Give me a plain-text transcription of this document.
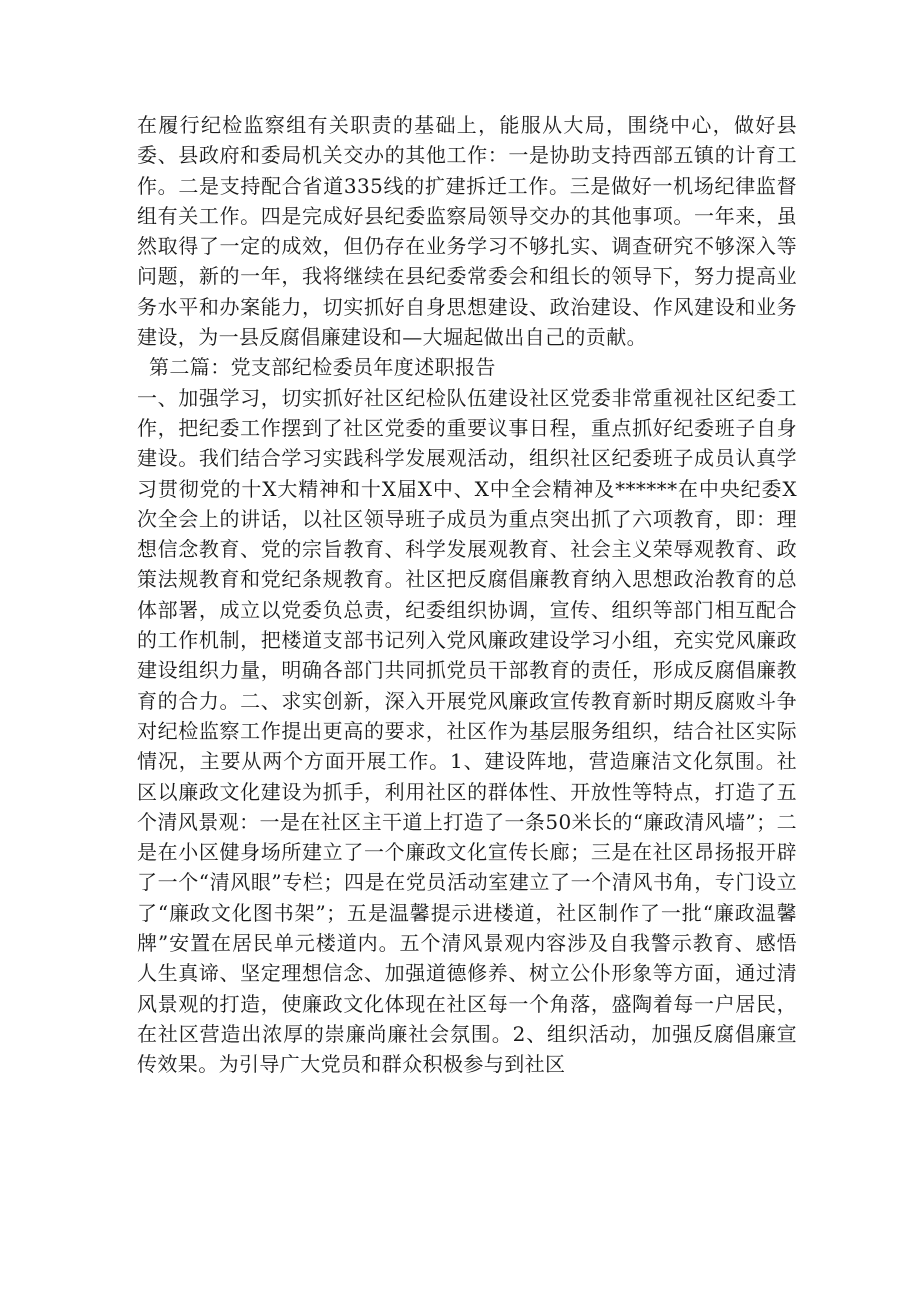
在履行纪检监察组有关职责的基础上，能服从大局，围绕中心，做好县委、县政府和委局机关交办的其他工作：一是协助支持西部五镇的计育工作。二是支持配合省道335线的扩建拆迁工作。三是做好一机场纪律监督组有关工作。四是完成好县纪委监察局领导交办的其他事项。一年来，虽然取得了一定的成效，但仍存在业务学习不够扎实、调查研究不够深入等问题，新的一年，我将继续在县纪委常委会和组长的领导下，努力提高业务水平和办案能力，切实抓好自身思想建设、政治建设、作风建设和业务建设，为一县反腐倡廉建设和—大堀起做出自己的贡献。

第二篇：党支部纪检委员年度述职报告

一、加强学习，切实抓好社区纪检队伍建设社区党委非常重视社区纪委工作，把纪委工作摆到了社区党委的重要议事日程，重点抓好纪委班子自身建设。我们结合学习实践科学发展观活动，组织社区纪委班子成员认真学习贯彻党的十X大精神和十X届X中、X中全会精神及******在中央纪委X次全会上的讲话，以社区领导班子成员为重点突出抓了六项教育，即：理想信念教育、党的宗旨教育、科学发展观教育、社会主义荣辱观教育、政策法规教育和党纪条规教育。社区把反腐倡廉教育纳入思想政治教育的总体部署，成立以党委负总责，纪委组织协调，宣传、组织等部门相互配合的工作机制，把楼道支部书记列入党风廉政建设学习小组，充实党风廉政建设组织力量，明确各部门共同抓党员干部教育的责任，形成反腐倡廉教育的合力。二、求实创新，深入开展党风廉政宣传教育新时期反腐败斗争对纪检监察工作提出更高的要求，社区作为基层服务组织，结合社区实际情况，主要从两个方面开展工作。1、建设阵地，营造廉洁文化氛围。社区以廉政文化建设为抓手，利用社区的群体性、开放性等特点，打造了五个清风景观：一是在社区主干道上打造了一条50米长的“廉政清风墙”；二是在小区健身场所建立了一个廉政文化宣传长廊；三是在社区昂扬报开辟了一个“清风眼”专栏；四是在党员活动室建立了一个清风书角，专门设立了“廉政文化图书架”；五是温馨提示进楼道，社区制作了一批“廉政温馨牌”安置在居民单元楼道内。五个清风景观内容涉及自我警示教育、感悟人生真谛、坚定理想信念、加强道德修养、树立公仆形象等方面，通过清风景观的打造，使廉政文化体现在社区每一个角落，盛陶着每一户居民，在社区营造出浓厚的崇廉尚廉社会氛围。2、组织活动，加强反腐倡廉宣传效果。为引导广大党员和群众积极参与到社区
